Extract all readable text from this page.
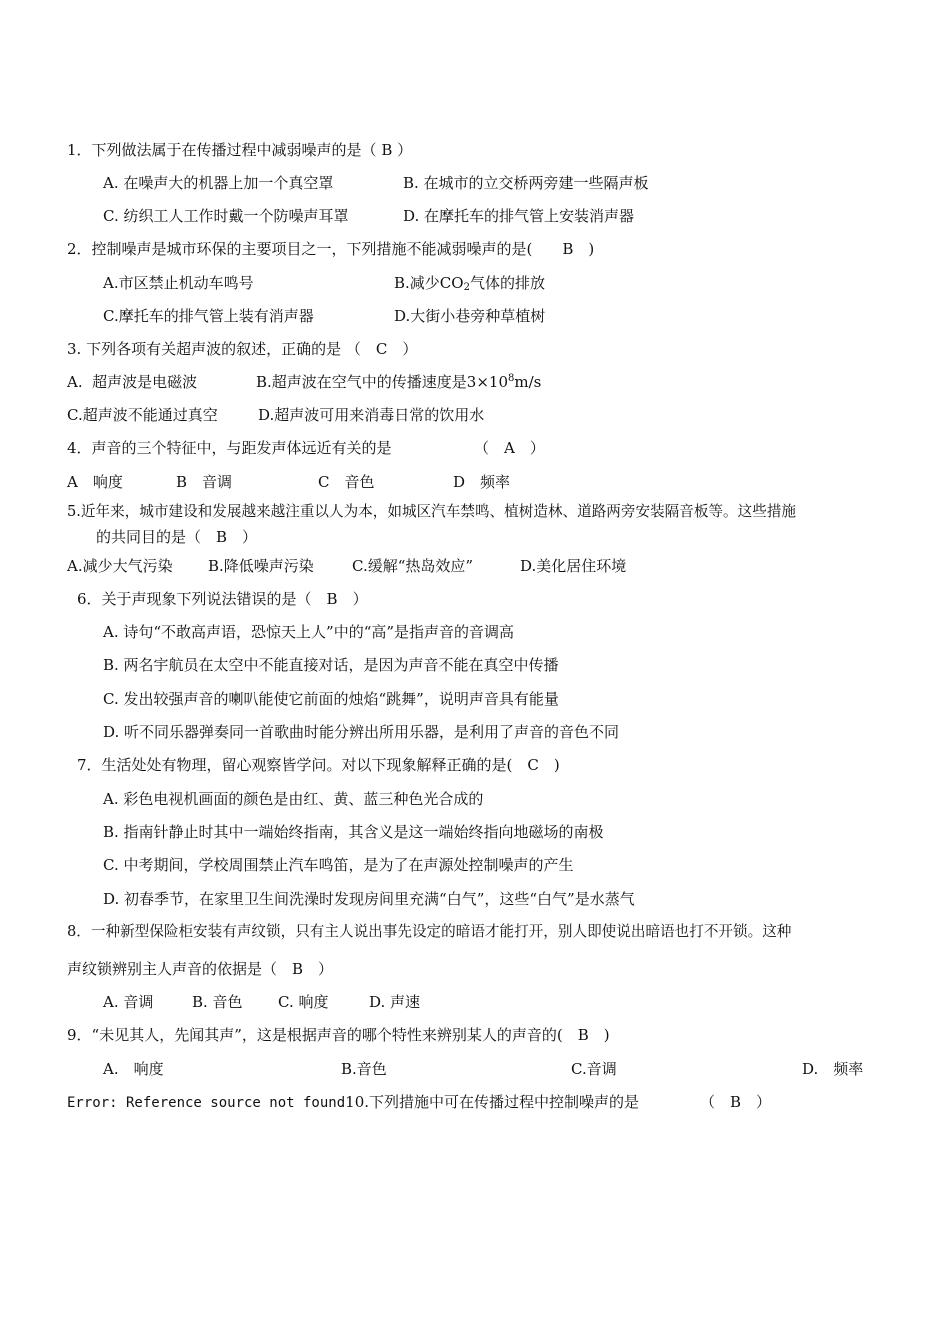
1．下列做法属于在传播过程中减弱噪声的是（ B ）
A. 在噪声大的机器上加一个真空罩	B. 在城市的立交桥两旁建一些隔声板
C. 纺织工人工作时戴一个防噪声耳罩	D. 在摩托车的排气管上安装消声器
2．控制噪声是城市环保的主要项目之一，下列措施不能减弱噪声的是(　　B　)
A.市区禁止机动车鸣号	B.减少$CO_2$气体的排放
C.摩托车的排气管上装有消声器	D.大街小巷旁种草植树
3. 下列各项有关超声波的叙述，正确的是 （　C　）
A.  超声波是电磁波	B.超声波在空气中的传播速度是$3\times 10^8m/s$
C.超声波不能通过真空	D.超声波可用来消毒日常的饮用水
4．声音的三个特征中，与距发声体远近有关的是	（　A　）
A　响度	B　音调	C　音色	D　频率
5.近年来，城市建设和发展越来越注重以人为本，如城区汽车禁鸣、植树造林、道路两旁安装隔音板等。这些措施
的共同目的是（　B　）
A.减少大气污染 B.降低噪声污染	C.缓解“热岛效应”	D.美化居住环境
6．关于声现象下列说法错误的是（　B　）
A. 诗句“不敢高声语，恐惊天上人”中的“高”是指声音的音调高
B. 两名宇航员在太空中不能直接对话，是因为声音不能在真空中传播
C. 发出较强声音的喇叭能使它前面的烛焰“跳舞”，说明声音具有能量
D. 听不同乐器弹奏同一首歌曲时能分辨出所用乐器，是利用了声音的音色不同
7．生活处处有物理，留心观察皆学问。对以下现象解释正确的是(　C　)
A. 彩色电视机画面的颜色是由红、黄、蓝三种色光合成的
B. 指南针静止时其中一端始终指南，其含义是这一端始终指向地磁场的南极
C. 中考期间，学校周围禁止汽车鸣笛，是为了在声源处控制噪声的产生
D. 初春季节，在家里卫生间洗澡时发现房间里充满“白气”，这些“白气”是水蒸气
8．一种新型保险柜安装有声纹锁，只有主人说出事先设定的暗语才能打开，别人即使说出暗语也打不开锁。这种
声纹锁辨别主人声音的依据是（　B　）
A. 音调	B. 音色 C. 响度	D. 声速
9．“未见其人，先闻其声”，这是根据声音的哪个特性来辨别某人的声音的(　B　)
A.　响度	B.音色	C.音调	D.　频率
Error: Reference source not found10.下列措施中可在传播过程中控制噪声的是	（　B　）
